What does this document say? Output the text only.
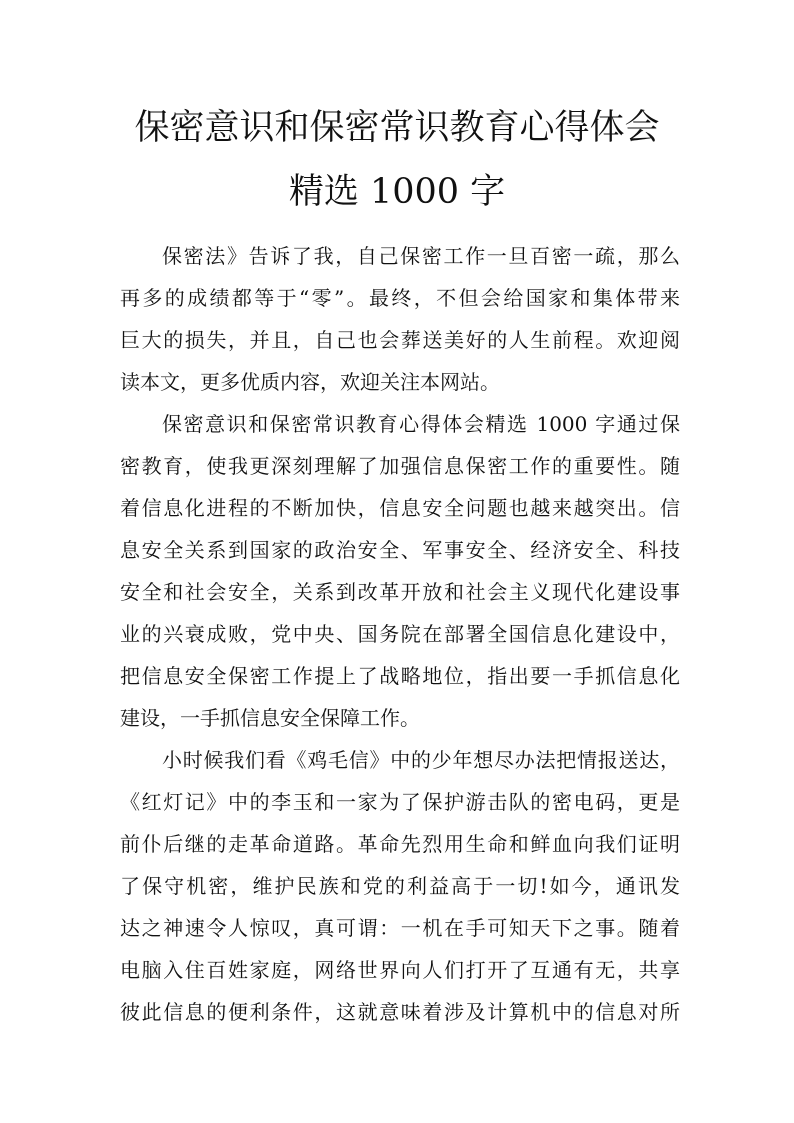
保密意识和保密常识教育心得体会
精选 1000 字

保密法》告诉了我，自己保密工作一旦百密一疏，那么

再多的成绩都等于“零”。最终，不但会给国家和集体带来

巨大的损失，并且，自己也会葬送美好的人生前程。欢迎阅

读本文，更多优质内容，欢迎关注本网站。

保密意识和保密常识教育心得体会精选 1000 字通过保

密教育，使我更深刻理解了加强信息保密工作的重要性。随

着信息化进程的不断加快，信息安全问题也越来越突出。信

息安全关系到国家的政治安全、军事安全、经济安全、科技

安全和社会安全，关系到改革开放和社会主义现代化建设事

业的兴衰成败，党中央、国务院在部署全国信息化建设中，

把信息安全保密工作提上了战略地位，指出要一手抓信息化

建设，一手抓信息安全保障工作。

小时候我们看《鸡毛信》中的少年想尽办法把情报送达，

《红灯记》中的李玉和一家为了保护游击队的密电码，更是

前仆后继的走革命道路。革命先烈用生命和鲜血向我们证明

了保守机密，维护民族和党的利益高于一切!如今，通讯发

达之神速令人惊叹，真可谓：一机在手可知天下之事。随着

电脑入住百姓家庭，网络世界向人们打开了互通有无，共享

彼此信息的便利条件，这就意味着涉及计算机中的信息对所
